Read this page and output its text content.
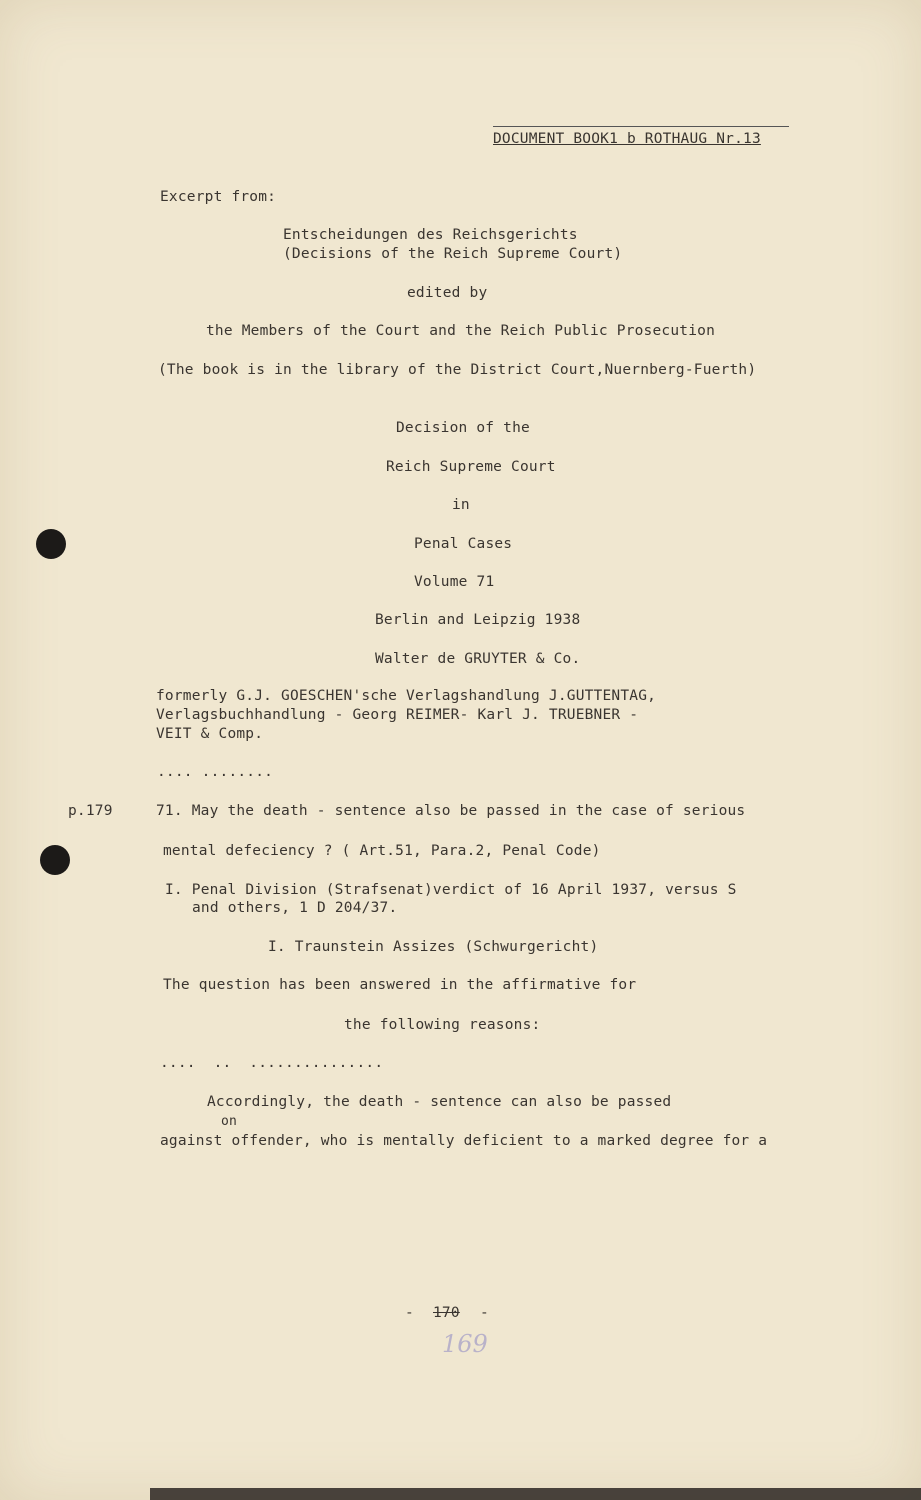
DOCUMENT BOOK1 b ROTHAUG Nr.13
Excerpt from:
Entscheidungen des Reichsgerichts
(Decisions of the Reich Supreme Court)
edited by
the Members of the Court and the Reich Public Prosecution
(The book is in the library of the District Court,Nuernberg-Fuerth)
Decision of the
Reich Supreme Court
in
Penal Cases
Volume 71
Berlin and Leipzig 1938
Walter de GRUYTER & Co.
formerly G.J. GOESCHEN'sche Verlagshandlung J.GUTTENTAG,
Verlagsbuchhandlung - Georg REIMER- Karl J. TRUEBNER -
VEIT & Comp.
.... ........
p.179	71. May the death - sentence also be passed in the case of serious
mental defeciency ? ( Art.51, Para.2, Penal Code)
I. Penal Division (Strafsenat)verdict of 16 April 1937, versus S
and others, 1 D 204/37.
I. Traunstein Assizes (Schwurgericht)
The question has been answered in the affirmative for
the following reasons:
....  ..  ...............
Accordingly, the death - sentence can also be passed
on
against offender, who is mentally deficient to a marked degree for a
- 170 -
169
